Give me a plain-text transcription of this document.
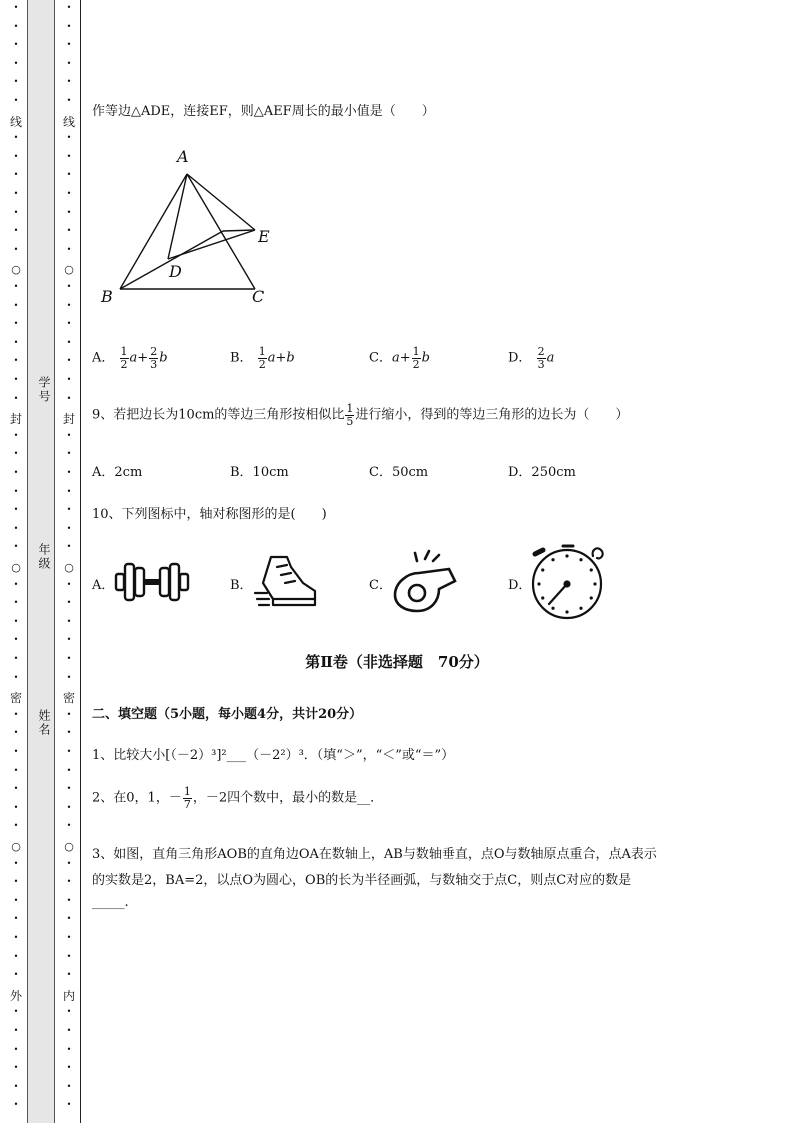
•
•
•
•
•
•
线
•
•
•
•
•
•
•
○
•
•
•
•
•
•
•
封
•
•
•
•
•
•
•
○
•
•
•
•
•
•
密
•
•
•
•
•
•
•
○
•
•
•
•
•
•
•
外
•
•
•
•
•
•
•
•
•
•
•
•
线
•
•
•
•
•
•
•
○
•
•
•
•
•
•
•
封
•
•
•
•
•
•
•
○
•
•
•
•
•
•
密
•
•
•
•
•
•
•
○
•
•
•
•
•
•
•
内
•
•
•
•
•
•
学号
年级
姓名
作等边△ADE，连接EF，则△AEF周长的最小值是（　　）
A
B	C
D
E
A． $\frac{1}{2} a+ \frac{2}{3}$ b	B． $\frac{1}{2} a+b$	C．$a+ \frac{1}{2}$ b	D． $\frac{2}{3}$ a
9、若把边长为10cm的等边三角形按相似比 $\frac{1}{5}$ 进行缩小，得到的等边三角形的边长为（　　）
A．2cm	B．10cm	C．50cm	D．250cm
10、下列图标中，轴对称图形的是(　　)
A．	B．	C．	D．
第Ⅱ卷（非选择题　70分）
二、填空题（5小题，每小题4分，共计20分）
1、比较大小[（－2）³]²___（－2²）³．（填“＞”，“＜”或“＝”）
2、在0，1，－ $\frac{1}{7}$ ，－2四个数中，最小的数是__．
3、如图，直角三角形AOB的直角边OA在数轴上，AB与数轴垂直，点O与数轴原点重合，点A表示
的实数是2，BA=2，以点O为圆心，OB的长为半径画弧，与数轴交于点C，则点C对应的数是
_____.
